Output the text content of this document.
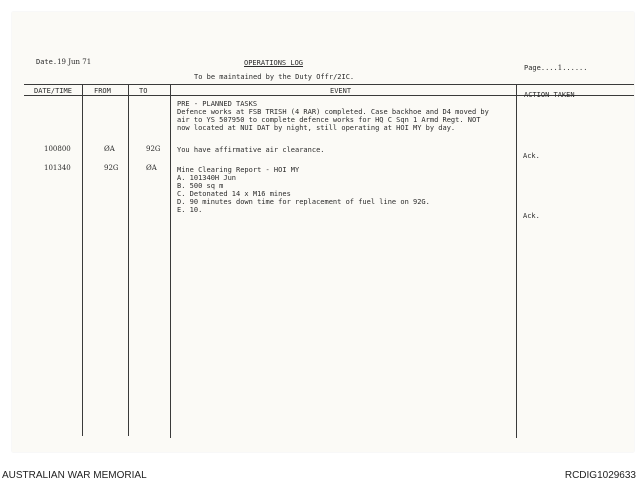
Date.19 Jun 71	OPERATIONS LOG
To be maintained by the Duty Offr/2IC.
Page....1......
DATE/TIME	FROM	TO	EVENT	ACTION TAKEN
PRE - PLANNED TASKS
Defence works at FSB TRISH (4 RAR) completed. Case backhoe and D4 moved by
air to YS 507950 to complete defence works for HQ C Sqn 1 Armd Regt. NOT
now located at NUI DAT by night, still operating at HOI MY by day.
100800	ØA	92G You have affirmative air clearance.
Ack.
101340	92G	ØA	Mine Clearing Report - HOI MY
A. 101340H Jun
B. 500 sq m
C. Detonated 14 x M16 mines
D. 90 minutes down time for replacement of fuel line on 92G.
E. 10.
Ack.
AUSTRALIAN WAR MEMORIAL	RCDIG1029633
